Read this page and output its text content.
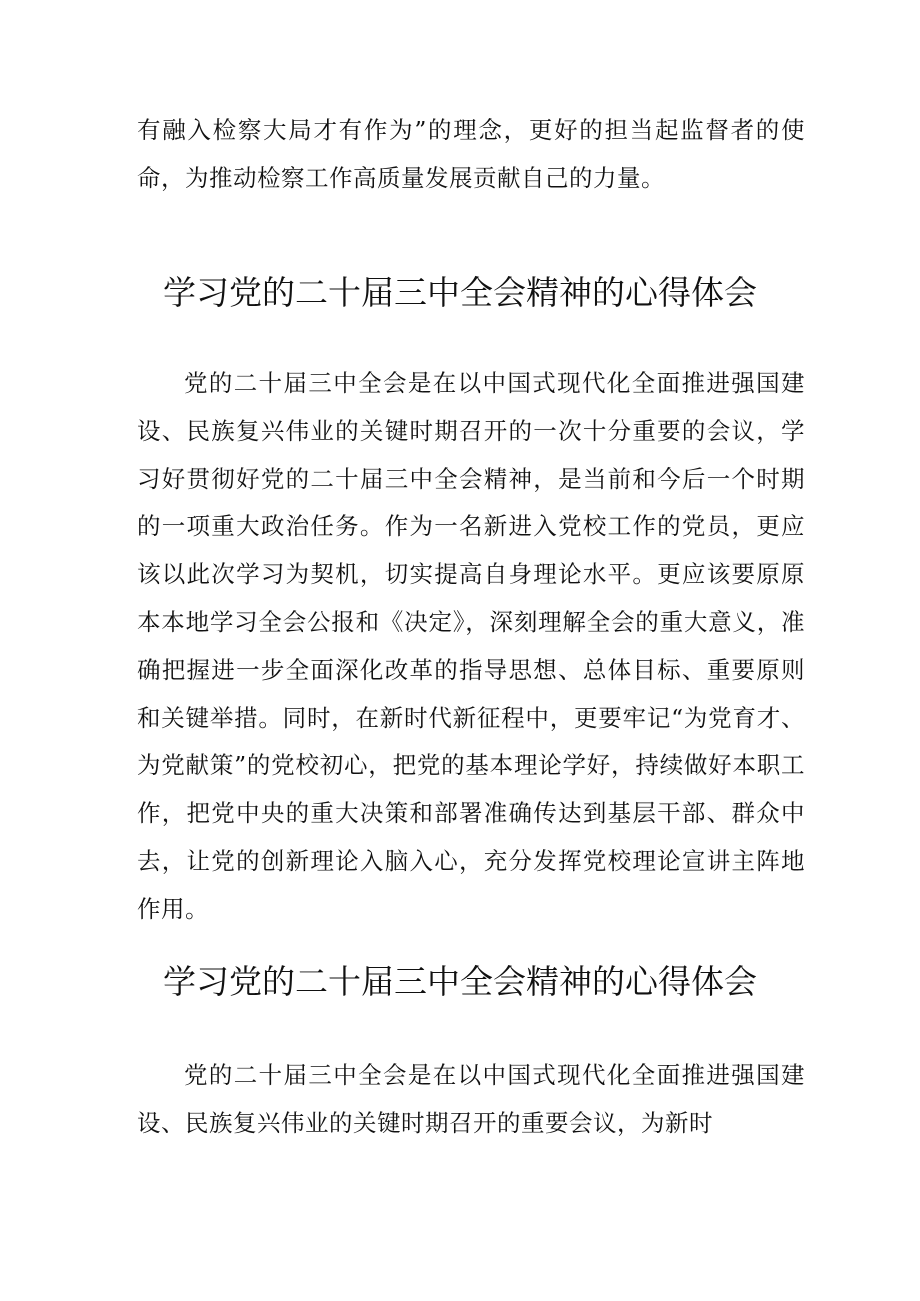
有融入检察大局才有作为”的理念，更好的担当起监督者的使命，为推动检察工作高质量发展贡献自己的力量。

学习党的二十届三中全会精神的心得体会

党的二十届三中全会是在以中国式现代化全面推进强国建设、民族复兴伟业的关键时期召开的一次十分重要的会议，学习好贯彻好党的二十届三中全会精神，是当前和今后一个时期的一项重大政治任务。作为一名新进入党校工作的党员，更应该以此次学习为契机，切实提高自身理论水平。更应该要原原本本地学习全会公报和《决定》，深刻理解全会的重大意义，准确把握进一步全面深化改革的指导思想、总体目标、重要原则和关键举措。同时，在新时代新征程中，更要牢记“为党育才、为党献策”的党校初心，把党的基本理论学好，持续做好本职工作，把党中央的重大决策和部署准确传达到基层干部、群众中去，让党的创新理论入脑入心，充分发挥党校理论宣讲主阵地作用。

学习党的二十届三中全会精神的心得体会

党的二十届三中全会是在以中国式现代化全面推进强国建设、民族复兴伟业的关键时期召开的重要会议，为新时
